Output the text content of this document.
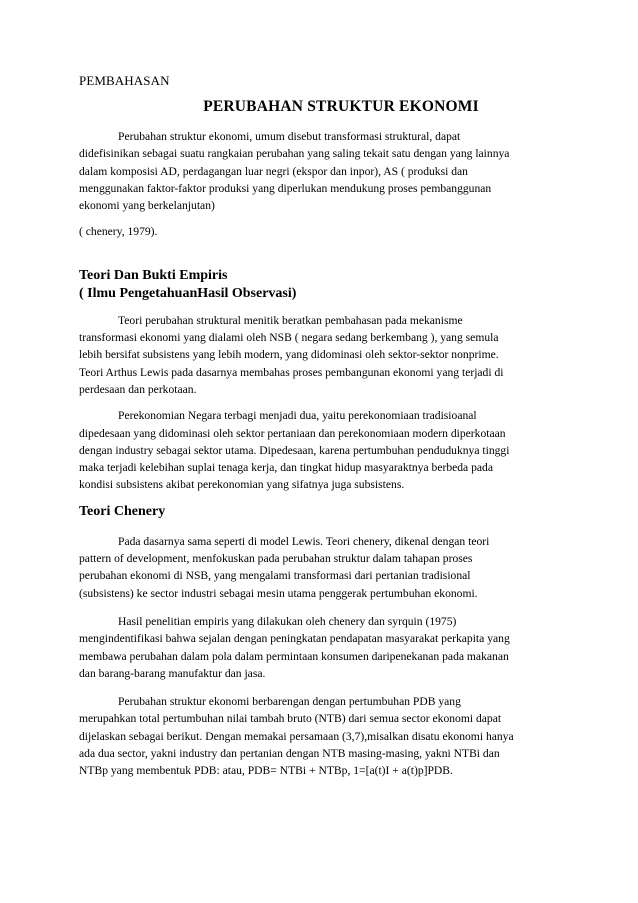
PEMBAHASAN

PERUBAHAN STRUKTUR EKONOMI
Perubahan struktur ekonomi, umum disebut transformasi struktural, dapat
didefisinikan sebagai suatu rangkaian perubahan yang saling tekait satu dengan yang lainnya
dalam komposisi AD, perdagangan luar negri (ekspor dan inpor), AS ( produksi dan
menggunakan faktor-faktor produksi yang diperlukan mendukung proses pembanggunan
ekonomi yang berkelanjutan)
( chenery, 1979).
Teori Dan Bukti Empiris
( Ilmu PengetahuanHasil Observasi)
Teori perubahan struktural menitik beratkan pembahasan pada mekanisme
transformasi ekonomi yang dialami oleh NSB ( negara sedang berkembang ), yang semula
lebih bersifat subsistens yang lebih modern, yang didominasi oleh sektor-sektor nonprime.
Teori Arthus Lewis pada dasarnya membahas proses pembangunan ekonomi yang terjadi di
perdesaan dan perkotaan.
Perekonomian Negara terbagi menjadi dua, yaitu perekonomiaan tradisioanal
dipedesaan yang didominasi oleh sektor pertaniaan dan perekonomiaan modern diperkotaan
dengan industry sebagai sektor utama. Dipedesaan, karena pertumbuhan penduduknya tinggi
maka terjadi kelebihan suplai tenaga kerja, dan tingkat hidup masyaraktnya berbeda pada
kondisi subsistens akibat perekonomian yang sifatnya juga subsistens.
Teori Chenery
Pada dasarnya sama seperti di model Lewis. Teori chenery, dikenal dengan teori
pattern of development, menfokuskan pada perubahan struktur dalam tahapan proses
perubahan ekonomi di NSB, yang mengalami transformasi dari pertanian tradisional
(subsistens) ke sector industri sebagai mesin utama penggerak pertumbuhan ekonomi.
Hasil penelitian empiris yang dilakukan oleh chenery dan syrquin (1975)
mengindentifikasi bahwa sejalan dengan peningkatan pendapatan masyarakat perkapita yang
membawa perubahan dalam pola dalam permintaan konsumen daripenekanan pada makanan
dan barang-barang manufaktur dan jasa.
Perubahan struktur ekonomi berbarengan dengan pertumbuhan PDB yang
merupahkan total pertumbuhan nilai tambah bruto (NTB) dari semua sector ekonomi dapat
dijelaskan sebagai berikut. Dengan memakai persamaan (3,7),misalkan disatu ekonomi hanya
ada dua sector, yakni industry dan pertanian dengan NTB masing-masing, yakni NTBi dan
NTBp yang membentuk PDB: atau, PDB= NTBi + NTBp, 1=[a(t)I + a(t)p]PDB.
